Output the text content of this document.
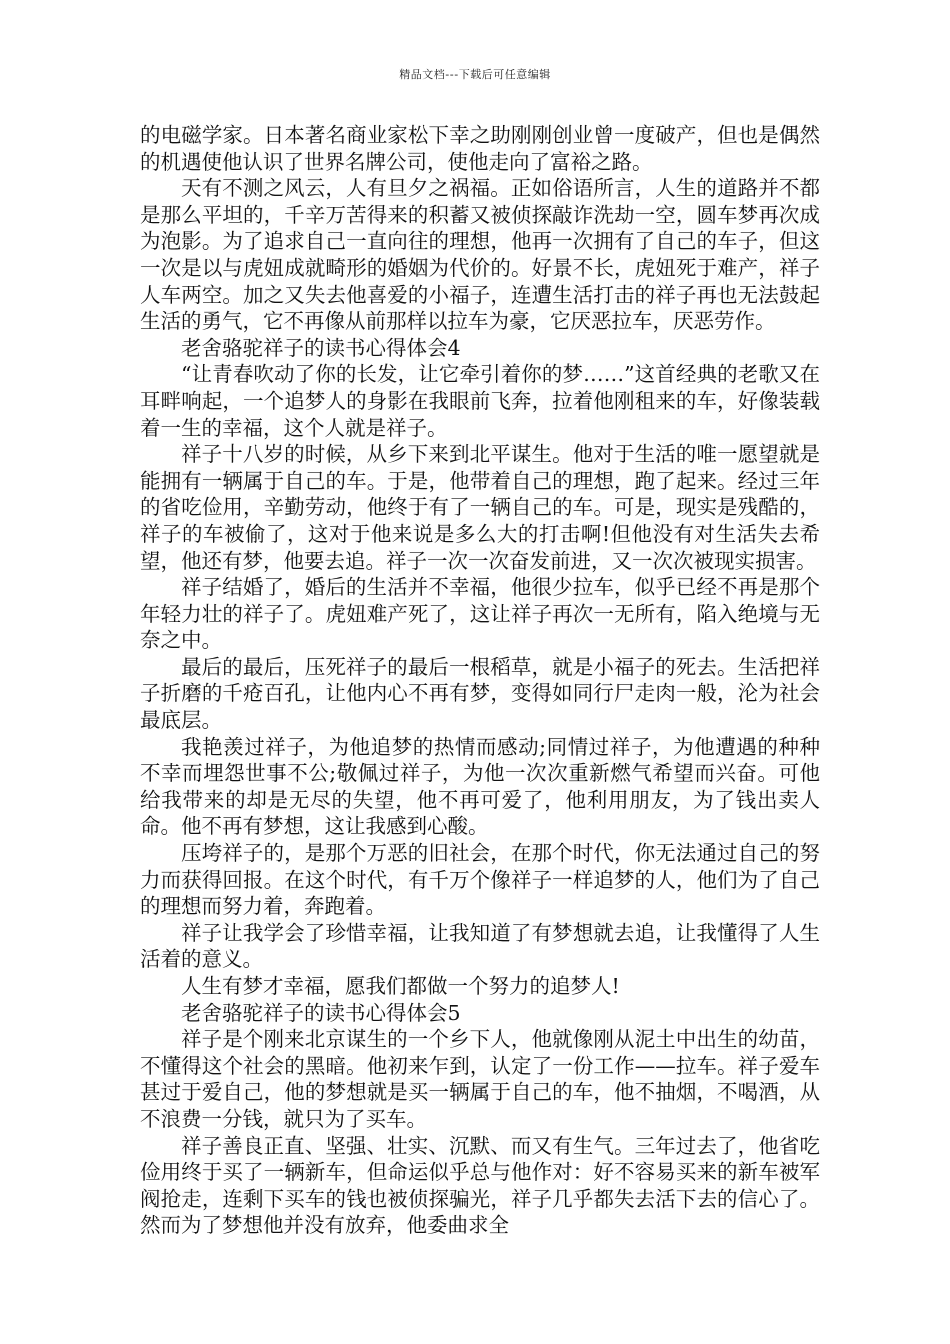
精品文档---下载后可任意编辑

的电磁学家。日本著名商业家松下幸之助刚刚创业曾一度破产，但也是偶然的机遇使他认识了世界名牌公司，使他走向了富裕之路。

天有不测之风云，人有旦夕之祸福。正如俗语所言，人生的道路并不都是那么平坦的，千辛万苦得来的积蓄又被侦探敲诈洗劫一空，圆车梦再次成为泡影。为了追求自己一直向往的理想，他再一次拥有了自己的车子，但这一次是以与虎妞成就畸形的婚姻为代价的。好景不长，虎妞死于难产，祥子人车两空。加之又失去他喜爱的小福子，连遭生活打击的祥子再也无法鼓起生活的勇气，它不再像从前那样以拉车为豪，它厌恶拉车，厌恶劳作。

老舍骆驼祥子的读书心得体会4

“让青春吹动了你的长发，让它牵引着你的梦……”这首经典的老歌又在耳畔响起，一个追梦人的身影在我眼前飞奔，拉着他刚租来的车，好像装载着一生的幸福，这个人就是祥子。

祥子十八岁的时候，从乡下来到北平谋生。他对于生活的唯一愿望就是能拥有一辆属于自己的车。于是，他带着自己的理想，跑了起来。经过三年的省吃俭用，辛勤劳动，他终于有了一辆自己的车。可是，现实是残酷的，祥子的车被偷了，这对于他来说是多么大的打击啊!但他没有对生活失去希望，他还有梦，他要去追。祥子一次一次奋发前进，又一次次被现实损害。

祥子结婚了，婚后的生活并不幸福，他很少拉车，似乎已经不再是那个年轻力壮的祥子了。虎妞难产死了，这让祥子再次一无所有，陷入绝境与无奈之中。

最后的最后，压死祥子的最后一根稻草，就是小福子的死去。生活把祥子折磨的千疮百孔，让他内心不再有梦，变得如同行尸走肉一般，沦为社会最底层。

我艳羡过祥子，为他追梦的热情而感动;同情过祥子，为他遭遇的种种不幸而埋怨世事不公;敬佩过祥子，为他一次次重新燃气希望而兴奋。可他给我带来的却是无尽的失望，他不再可爱了，他利用朋友，为了钱出卖人命。他不再有梦想，这让我感到心酸。

压垮祥子的，是那个万恶的旧社会，在那个时代，你无法通过自己的努力而获得回报。在这个时代，有千万个像祥子一样追梦的人，他们为了自己的理想而努力着，奔跑着。

祥子让我学会了珍惜幸福，让我知道了有梦想就去追，让我懂得了人生活着的意义。

人生有梦才幸福，愿我们都做一个努力的追梦人!

老舍骆驼祥子的读书心得体会5

祥子是个刚来北京谋生的一个乡下人，他就像刚从泥土中出生的幼苗，不懂得这个社会的黑暗。他初来乍到，认定了一份工作——拉车。祥子爱车甚过于爱自己，他的梦想就是买一辆属于自己的车，他不抽烟，不喝酒，从不浪费一分钱，就只为了买车。

祥子善良正直、坚强、壮实、沉默、而又有生气。三年过去了，他省吃俭用终于买了一辆新车，但命运似乎总与他作对：好不容易买来的新车被军阀抢走，连剩下买车的钱也被侦探骗光，祥子几乎都失去活下去的信心了。然而为了梦想他并没有放弃，他委曲求全
